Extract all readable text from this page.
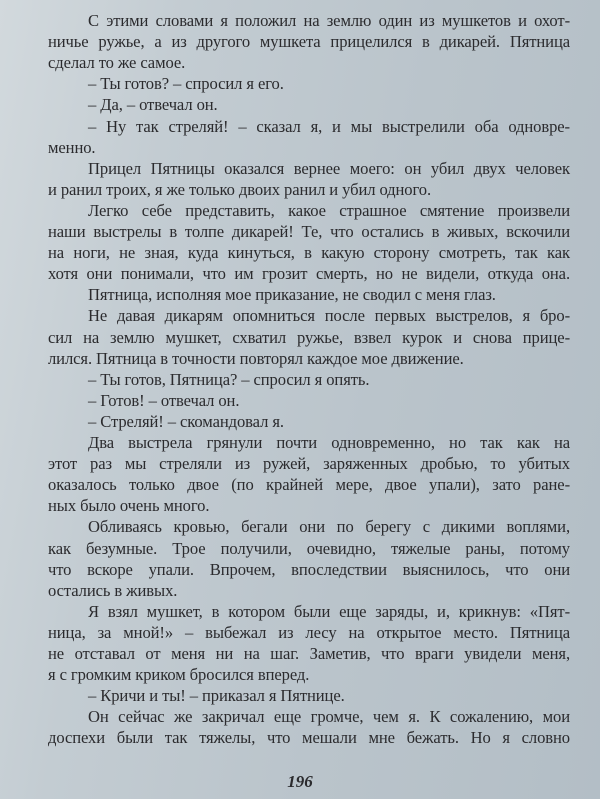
С этими словами я положил на землю один из мушкетов и охот-
ничье ружье, а из другого мушкета прицелился в дикарей. Пятница
сделал то же самое.
– Ты готов? – спросил я его.
– Да, – отвечал он.
– Ну так стреляй! – сказал я, и мы выстрелили оба одновре-
менно.
Прицел Пятницы оказался вернее моего: он убил двух человек
и ранил троих, я же только двоих ранил и убил одного.
Легко себе представить, какое страшное смятение произвели
наши выстрелы в толпе дикарей! Те, что остались в живых, вскочили
на ноги, не зная, куда кинуться, в какую сторону смотреть, так как
хотя они понимали, что им грозит смерть, но не видели, откуда она.
Пятница, исполняя мое приказание, не сводил с меня глаз.
Не давая дикарям опомниться после первых выстрелов, я бро-
сил на землю мушкет, схватил ружье, взвел курок и снова прице-
лился. Пятница в точности повторял каждое мое движение.
– Ты готов, Пятница? – спросил я опять.
– Готов! – отвечал он.
– Стреляй! – скомандовал я.
Два выстрела грянули почти одновременно, но так как на
этот раз мы стреляли из ружей, заряженных дробью, то убитых
оказалось только двое (по крайней мере, двое упали), зато ране-
ных было очень много.
Обливаясь кровью, бегали они по берегу с дикими воплями,
как безумные. Трое получили, очевидно, тяжелые раны, потому
что вскоре упали. Впрочем, впоследствии выяснилось, что они
остались в живых.
Я взял мушкет, в котором были еще заряды, и, крикнув: «Пят-
ница, за мной!» – выбежал из лесу на открытое место. Пятница
не отставал от меня ни на шаг. Заметив, что враги увидели меня,
я с громким криком бросился вперед.
– Кричи и ты! – приказал я Пятнице.
Он сейчас же закричал еще громче, чем я. К сожалению, мои
доспехи были так тяжелы, что мешали мне бежать. Но я словно
196
